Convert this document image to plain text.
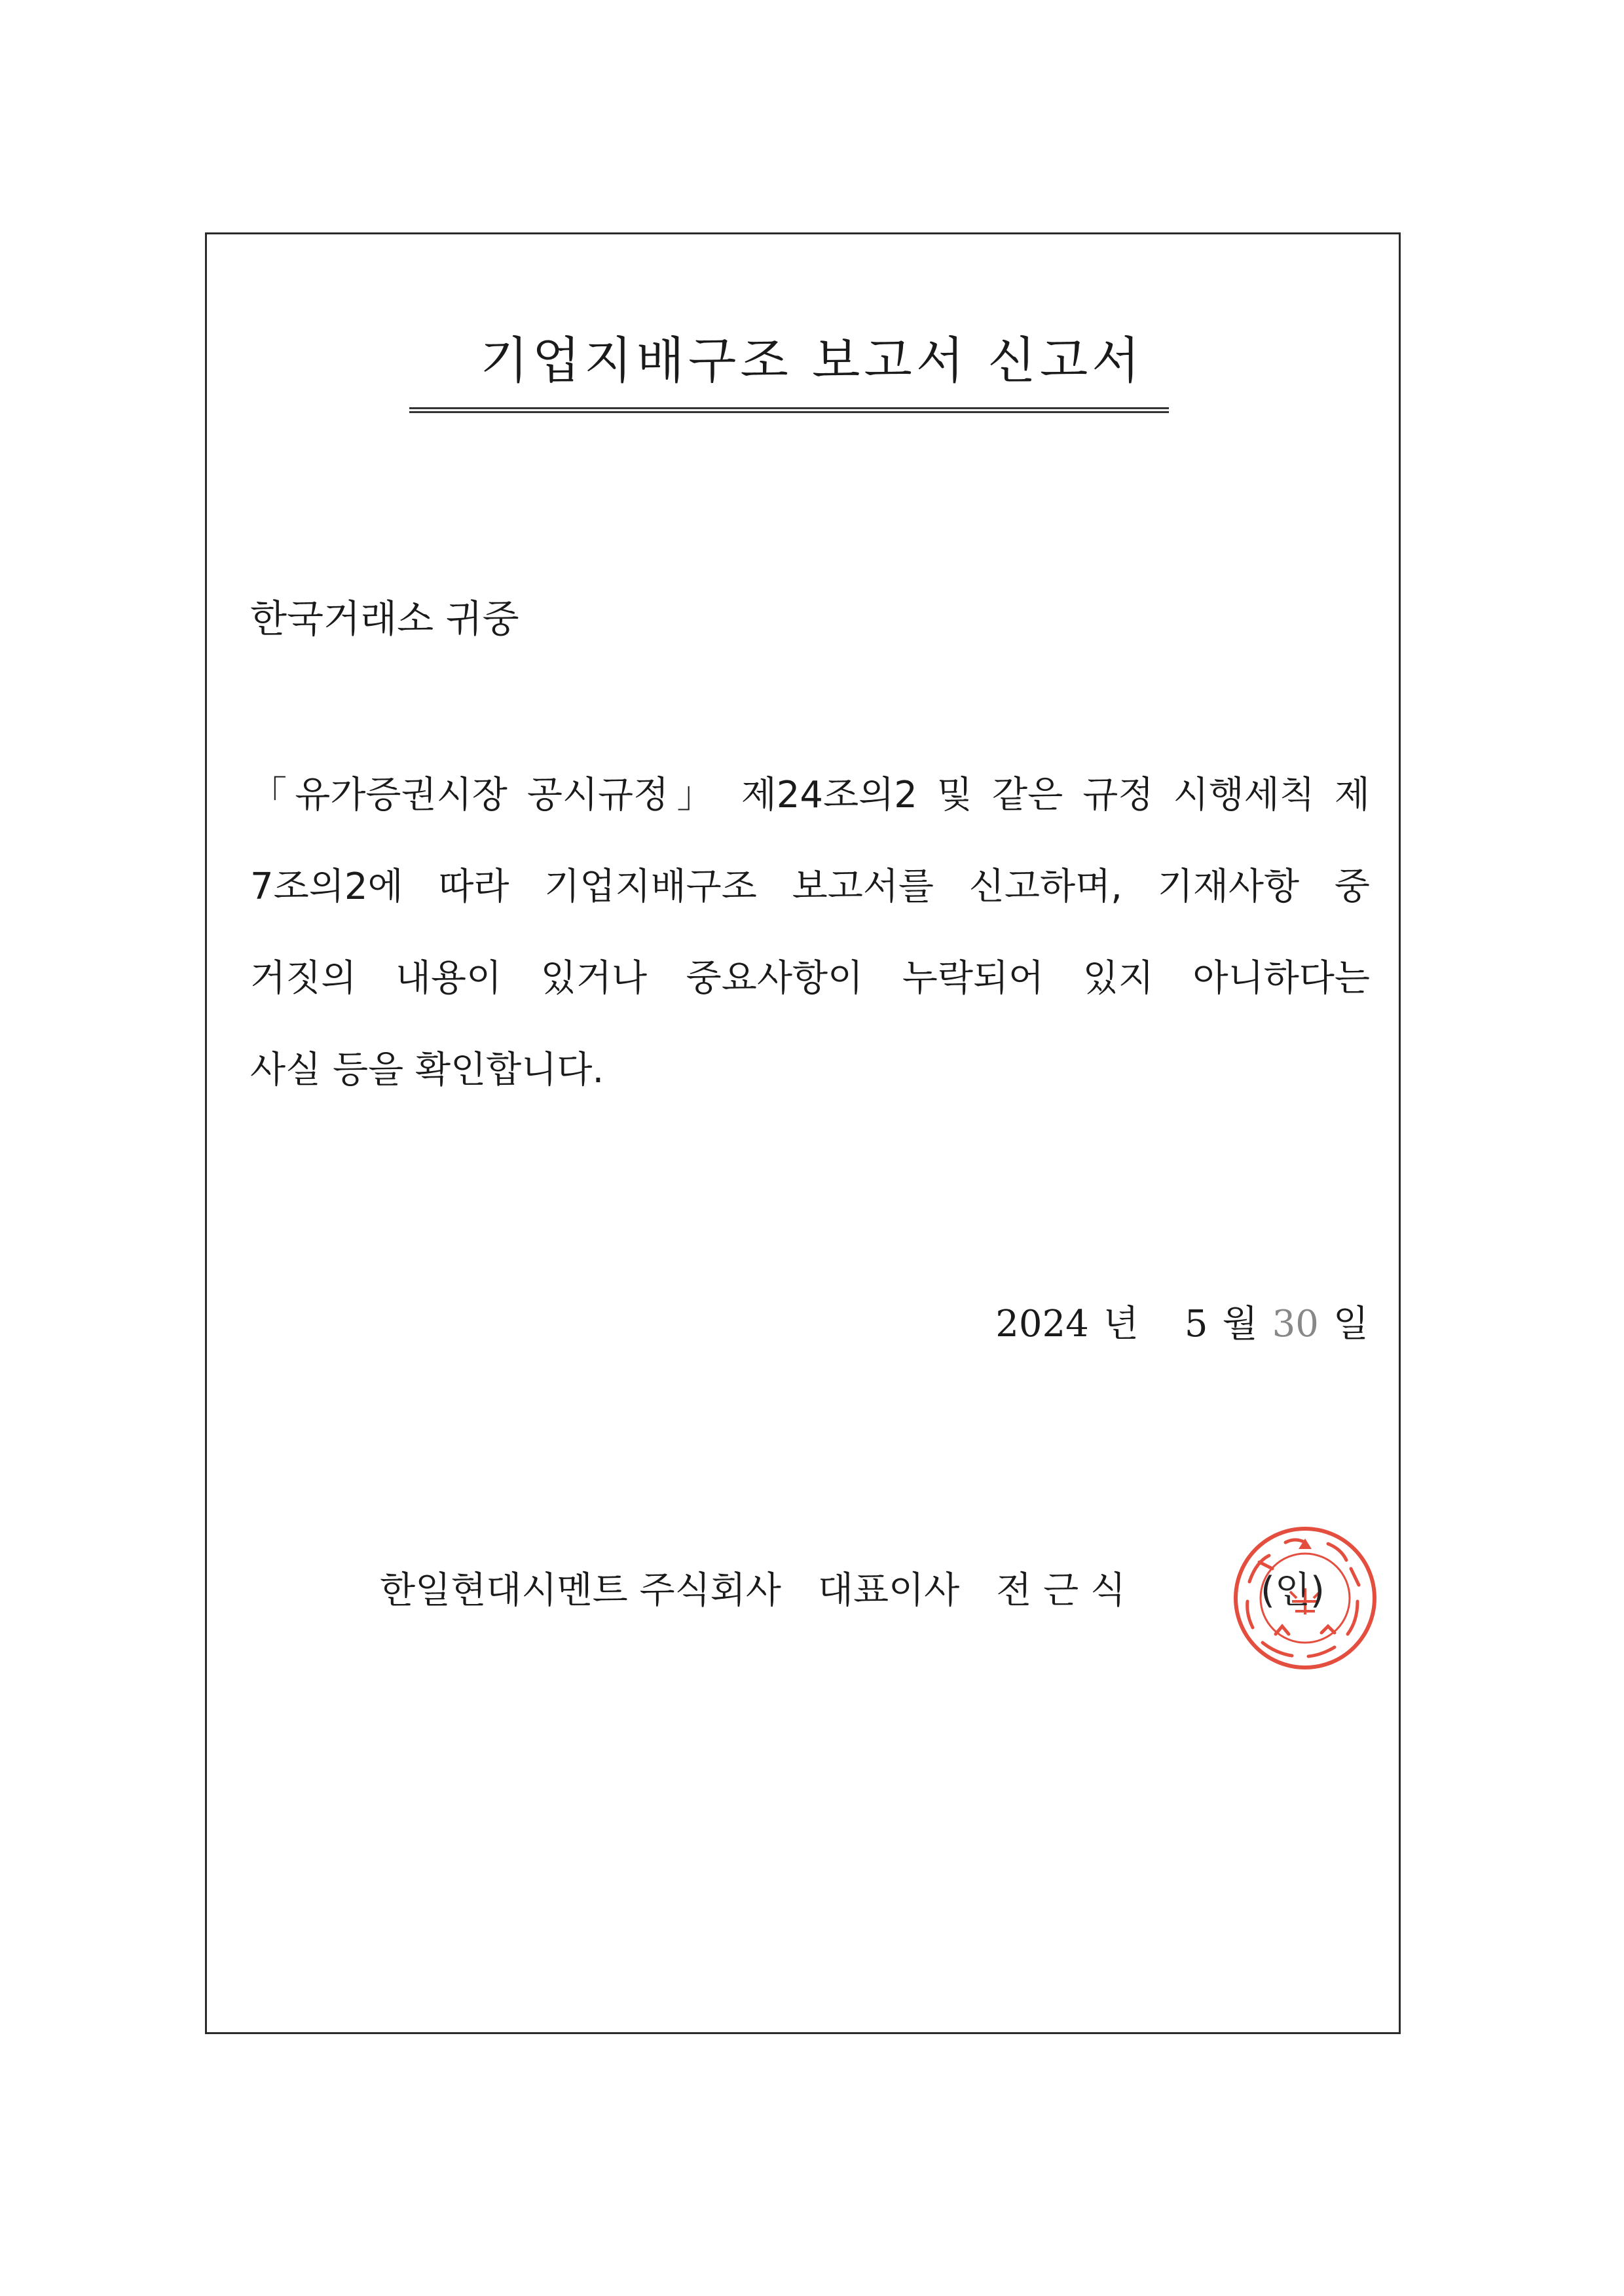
기업지배구조 보고서 신고서
한국거래소 귀중
「유가증권시장 공시규정」 제24조의2 및 같은 규정 시행세칙 제
7조의2에 따라 기업지배구조 보고서를 신고하며, 기재사항 중
거짓의 내용이 있거나 중요사항이 누락되어 있지 아니하다는
사실 등을 확인합니다.
2024 년 5 월 30 일
한일현대시멘트 주식회사 대표이사 전 근 식	(인)
